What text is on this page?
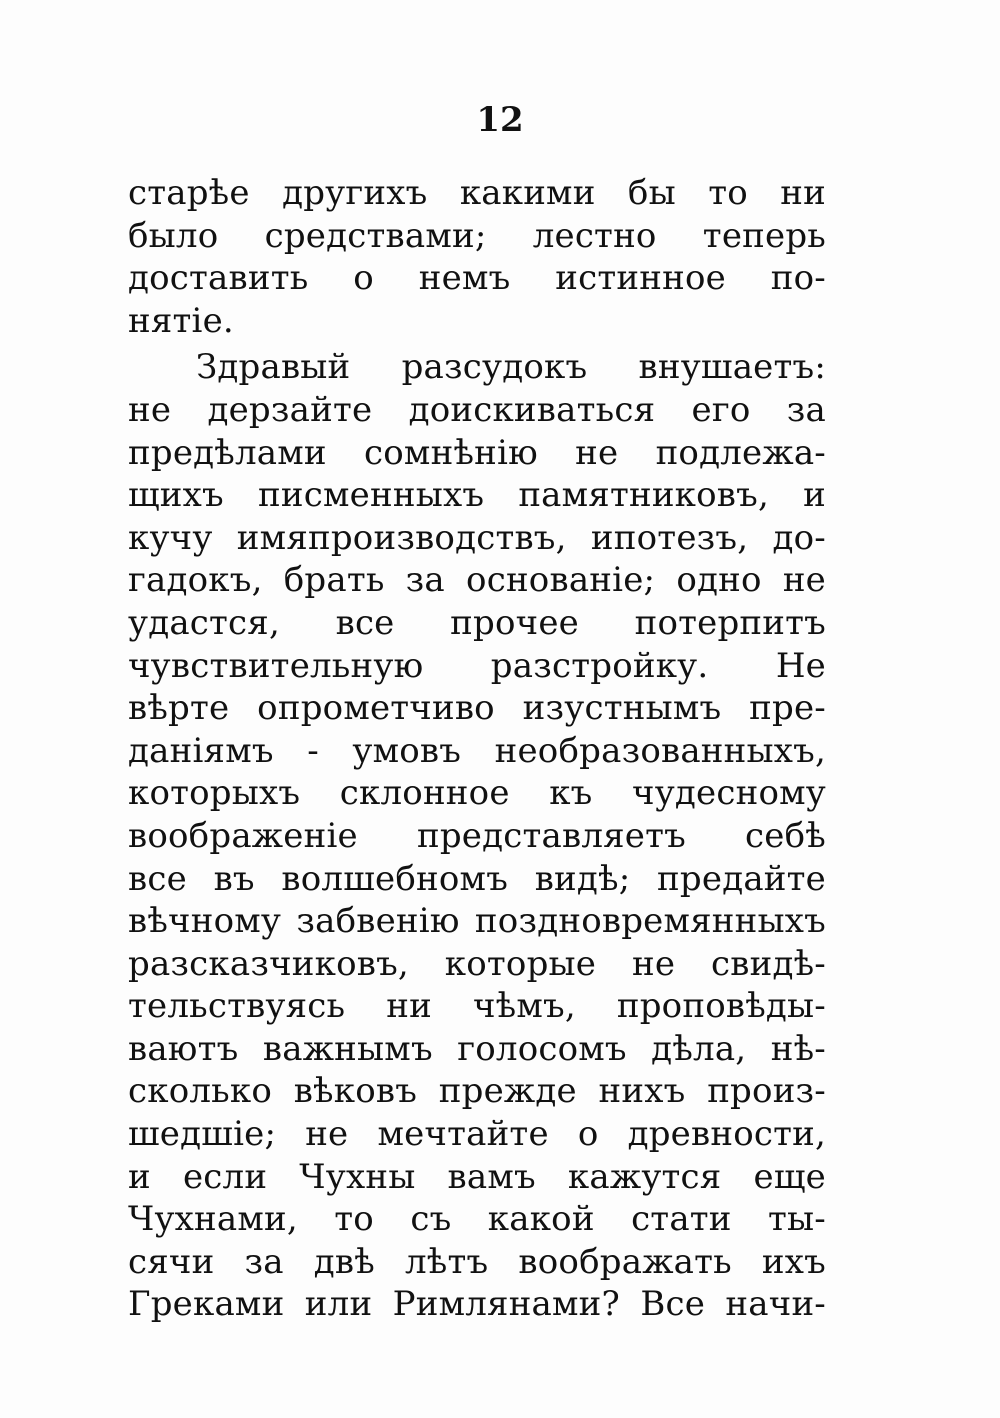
12
старѣе другихъ какими бы то ни
было средствами; лестно теперь
доставить о немъ истинное по-
нятіе.
Здравый разсудокъ внушаетъ:
не дерзайте доискиваться его за
предѣлами сомнѣнію не подлежа-
щихъ писменныхъ памятниковъ, и
кучу имяпроизводствъ, ипотезъ, до-
гадокъ, брать за основаніе; одно не
удастся, все прочее потерпитъ
чувствительную разстройку. Не
вѣрте опрометчиво изустнымъ пре-
даніямъ - умовъ необразованныхъ,
которыхъ склонное къ чудесному
воображеніе представляетъ себѣ
все въ волшебномъ видѣ; предайте
вѣчному забвенію поздновремянныхъ
разсказчиковъ, которые не свидѣ-
тельствуясь ни чѣмъ, проповѣды-
ваютъ важнымъ голосомъ дѣла, нѣ-
сколько вѣковъ прежде нихъ произ-
шедшіе; не мечтайте о древности,
и если Чухны вамъ кажутся еще
Чухнами, то съ какой стати ты-
сячи за двѣ лѣтъ воображать ихъ
Греками или Римлянами? Все начи-
